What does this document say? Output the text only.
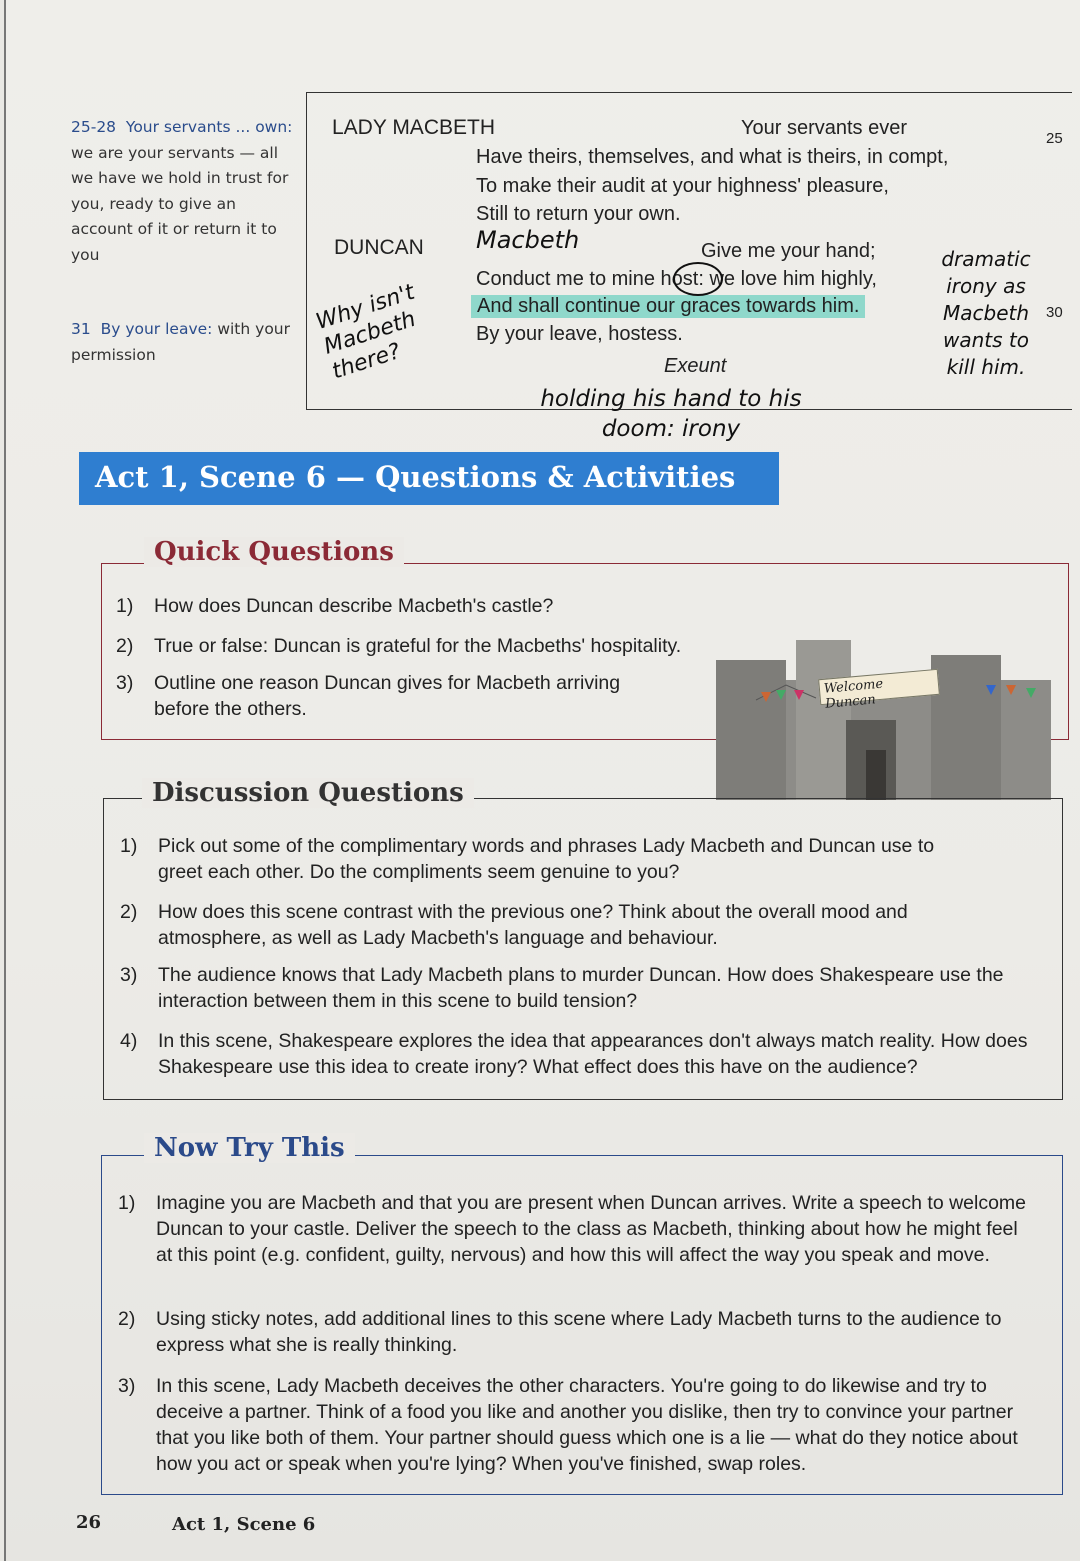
25-28 Your servants ... own: we are your servants — all we have we hold in trust for you, ready to give an account of it or return it to you
31 By your leave: with your permission
LADY MACBETH
DUNCAN
Your servants ever
Have theirs, themselves, and what is theirs, in compt,
To make their audit at your highness' pleasure,
Still to return your own.
Give me your hand;
Conduct me to mine host: we love him highly,
And shall continue our graces towards him.
By your leave, hostess.
Exeunt
25
30
Macbeth
Why isn't Macbeth there?
dramatic irony as Macbeth wants to kill him.
holding his hand to his doom: irony
Act 1, Scene 6 — Questions & Activities
Quick Questions
1) How does Duncan describe Macbeth's castle?
2) True or false: Duncan is grateful for the Macbeths' hospitality.
3) Outline one reason Duncan gives for Macbeth arriving before the others.
Welcome Duncan
Discussion Questions
1) Pick out some of the complimentary words and phrases Lady Macbeth and Duncan use to greet each other. Do the compliments seem genuine to you?
2) How does this scene contrast with the previous one? Think about the overall mood and atmosphere, as well as Lady Macbeth's language and behaviour.
3) The audience knows that Lady Macbeth plans to murder Duncan. How does Shakespeare use the interaction between them in this scene to build tension?
4) In this scene, Shakespeare explores the idea that appearances don't always match reality. How does Shakespeare use this idea to create irony? What effect does this have on the audience?
Now Try This
1) Imagine you are Macbeth and that you are present when Duncan arrives. Write a speech to welcome Duncan to your castle. Deliver the speech to the class as Macbeth, thinking about how he might feel at this point (e.g. confident, guilty, nervous) and how this will affect the way you speak and move.
2) Using sticky notes, add additional lines to this scene where Lady Macbeth turns to the audience to express what she is really thinking.
3) In this scene, Lady Macbeth deceives the other characters. You're going to do likewise and try to deceive a partner. Think of a food you like and another you dislike, then try to convince your partner that you like both of them. Your partner should guess which one is a lie — what do they notice about how you act or speak when you're lying? When you've finished, swap roles.
26	Act 1, Scene 6
